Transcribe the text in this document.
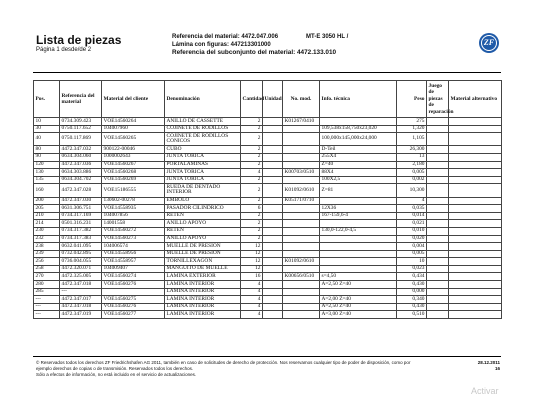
Lista de piezas
Página 1 desde/de 2
Referencia del material: 4472.047.006	MT-E 3050 HL /
Lámina con figuras: 447213301000
Referencia del subconjunto del material: 4472.133.010
ZF
Pos.	Referencia del material	Material del cliente	Denominación	Cantidad	Unidad	No. mod.	Info. técnica	Peso	Juego de piezas de reparación	Material alternativo
10	0734.309.423	VOE14560264	ANILLO DE CASSETTE	2		K01267/0410		275		
30	0750.117.652	104007960	COJINETE DE RODILLOS	2			109,538x158,750x23,020	1,320		
40	0750.117.869	VOE14560265	COJINETE DE RODILLOS CONICOS	2			100,000x145,000x24,000	1,105		
80	4472.347.032	900122-00046	CUBO	2			D-Teil	26,300		
90	0634.304.060	1000002643	JUNTA TORICA	2			255X4	13		
120	4472.347.036	VOE14560267	PORTALAMINAS	2			Z=40	2,180		
130	0634.303.886	VOE14560268	JUNTA TORICA	4		K00703/0510	88X4	0,005		
135	0634.304.702	VOE14560269	JUNTA TORICA	2			100X2,5	0,002		
160	4472.347.028	VOE15186555	RUEDA DE DENTADO INTERIOR	2		K01092/0610	Z=81	10,300		
200	4472.347.030	130602-00278	EMBOLO	2		K05171/0710		4		
205	0631.306.751	VOE14558935	PASADOR CILINDRICO	6			12X36	0,035		
210	0734.317.169	104007856	RETEN	2			167-159,6-4	0,014		
214	0501.316.231	14001558	ANILLO APOYO	2				0,021		
230	0734.317.382	VOE14560272	RETEN	2			130,0-122,0-4,5	0,010		
232	0734.317.383	VOE14560273	ANILLO APOYO	2				0,020		
238	0632.041.095	104006574	MUELLE DE PRESION	12				0,004		
239	0732.042.895	VOE14558956	MUELLE DE PRESION	12				0,005		
256	0736.004.055	VOE14558957	TORNILLEXAGON	12		K01092/0610		10		
258	4472.320.071	104009407	MANGUITO DE MUELLE	12				0,023		
270	4472.325.005	VOE14560274	LAMINA EXTERIOR	16		K00656/0510	s=4,50	0,434		
280	4472.347.018	VOE14560276	LAMINA INTERIOR	4			A=2,50 Z=40	0,430		
285	---		LAMINA INTERIOR	4				0,000		
---	4472.347.017	VOE14560275	LAMINA INTERIOR	4			A=2,00 Z=40	0,340		
---	4472.347.018	VOE14560276	LAMINA INTERIOR	4			A=2,50 Z=40	0,430		
---	4472.347.019	VOE14560277	LAMINA INTERIOR	4			A=3,00 Z=40	0,510		
© Reservados todos los derechos ZF Friedrichshafen AG 2011, también en caso de solicitudes de derecho de protección. Nos reservamos cualquier tipo de poder de disposición, como por
ejemplo derechos de copias o de transmisión. Reservados todos los derechos.
Sólo a efectos de información, no está incluido en el servicio de actualizaciones.
28.12.2011
16
Activar
